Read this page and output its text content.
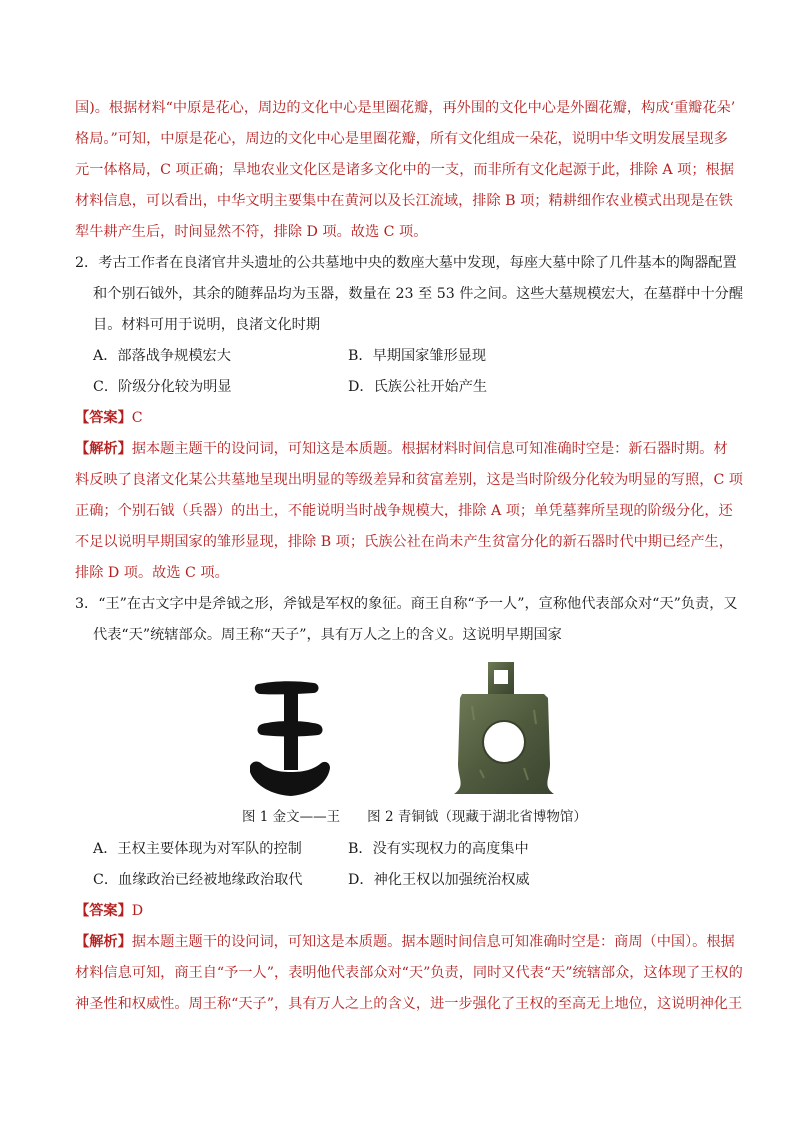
国)。根据材料“中原是花心，周边的文化中心是里圈花瓣，再外围的文化中心是外圈花瓣，构成‘重瓣花朵’
格局。”可知，中原是花心，周边的文化中心是里圈花瓣，所有文化组成一朵花，说明中华文明发展呈现多
元一体格局，C 项正确；旱地农业文化区是诸多文化中的一支，而非所有文化起源于此，排除 A 项；根据
材料信息，可以看出，中华文明主要集中在黄河以及长江流域，排除 B 项；精耕细作农业模式出现是在铁
犁牛耕产生后，时间显然不符，排除 D 项。故选 C 项。
2．考古工作者在良渚官井头遗址的公共墓地中央的数座大墓中发现，每座大墓中除了几件基本的陶器配置
和个别石钺外，其余的随葬品均为玉器，数量在 23 至 53 件之间。这些大墓规模宏大，在墓群中十分醒
目。材料可用于说明，良渚文化时期
A．部落战争规模宏大	B．早期国家雏形显现
C．阶级分化较为明显	D．氏族公社开始产生
【答案】C
【解析】据本题主题干的设问词，可知这是本质题。根据材料时间信息可知准确时空是：新石器时期。材
料反映了良渚文化某公共墓地呈现出明显的等级差异和贫富差别，这是当时阶级分化较为明显的写照，C 项
正确；个别石钺（兵器）的出土，不能说明当时战争规模大，排除 A 项；单凭墓葬所呈现的阶级分化，还
不足以说明早期国家的雏形显现，排除 B 项；氏族公社在尚未产生贫富分化的新石器时代中期已经产生，
排除 D 项。故选 C 项。
3．“王”在古文字中是斧钺之形，斧钺是军权的象征。商王自称“予一人”，宣称他代表部众对“天”负责，又
代表“天”统辖部众。周王称“天子”，具有万人之上的含义。这说明早期国家
图 1 金文——王　　图 2 青铜钺（现藏于湖北省博物馆）
A．王权主要体现为对军队的控制	B．没有实现权力的高度集中
C．血缘政治已经被地缘政治取代	D．神化王权以加强统治权威
【答案】D
【解析】据本题主题干的设问词，可知这是本质题。据本题时间信息可知准确时空是：商周（中国）。根据
材料信息可知，商王自“予一人”，表明他代表部众对“天”负责，同时又代表“天”统辖部众，这体现了王权的
神圣性和权威性。周王称“天子”，具有万人之上的含义，进一步强化了王权的至高无上地位，这说明神化王
